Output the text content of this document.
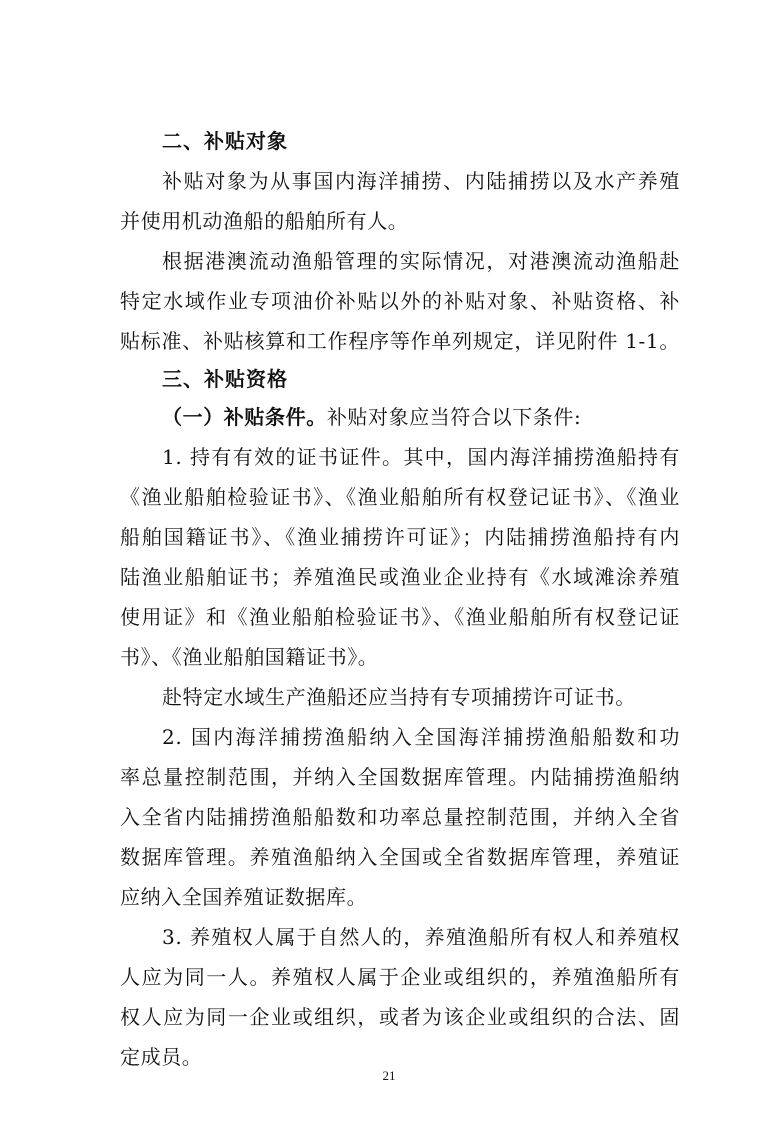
二、补贴对象
补贴对象为从事国内海洋捕捞、内陆捕捞以及水产养殖
并使用机动渔船的船舶所有人。
根据港澳流动渔船管理的实际情况，对港澳流动渔船赴
特定水域作业专项油价补贴以外的补贴对象、补贴资格、补
贴标准、补贴核算和工作程序等作单列规定，详见附件 1-1。
三、补贴资格
（一）补贴条件。补贴对象应当符合以下条件:
1. 持有有效的证书证件。其中，国内海洋捕捞渔船持有
《渔业船舶检验证书》、《渔业船舶所有权登记证书》、《渔业
船舶国籍证书》、《渔业捕捞许可证》；内陆捕捞渔船持有内
陆渔业船舶证书；养殖渔民或渔业企业持有《水域滩涂养殖
使用证》和《渔业船舶检验证书》、《渔业船舶所有权登记证
书》、《渔业船舶国籍证书》。
赴特定水域生产渔船还应当持有专项捕捞许可证书。
2. 国内海洋捕捞渔船纳入全国海洋捕捞渔船船数和功
率总量控制范围，并纳入全国数据库管理。内陆捕捞渔船纳
入全省内陆捕捞渔船船数和功率总量控制范围，并纳入全省
数据库管理。养殖渔船纳入全国或全省数据库管理，养殖证
应纳入全国养殖证数据库。
3. 养殖权人属于自然人的，养殖渔船所有权人和养殖权
人应为同一人。养殖权人属于企业或组织的，养殖渔船所有
权人应为同一企业或组织，或者为该企业或组织的合法、固
定成员。
21
